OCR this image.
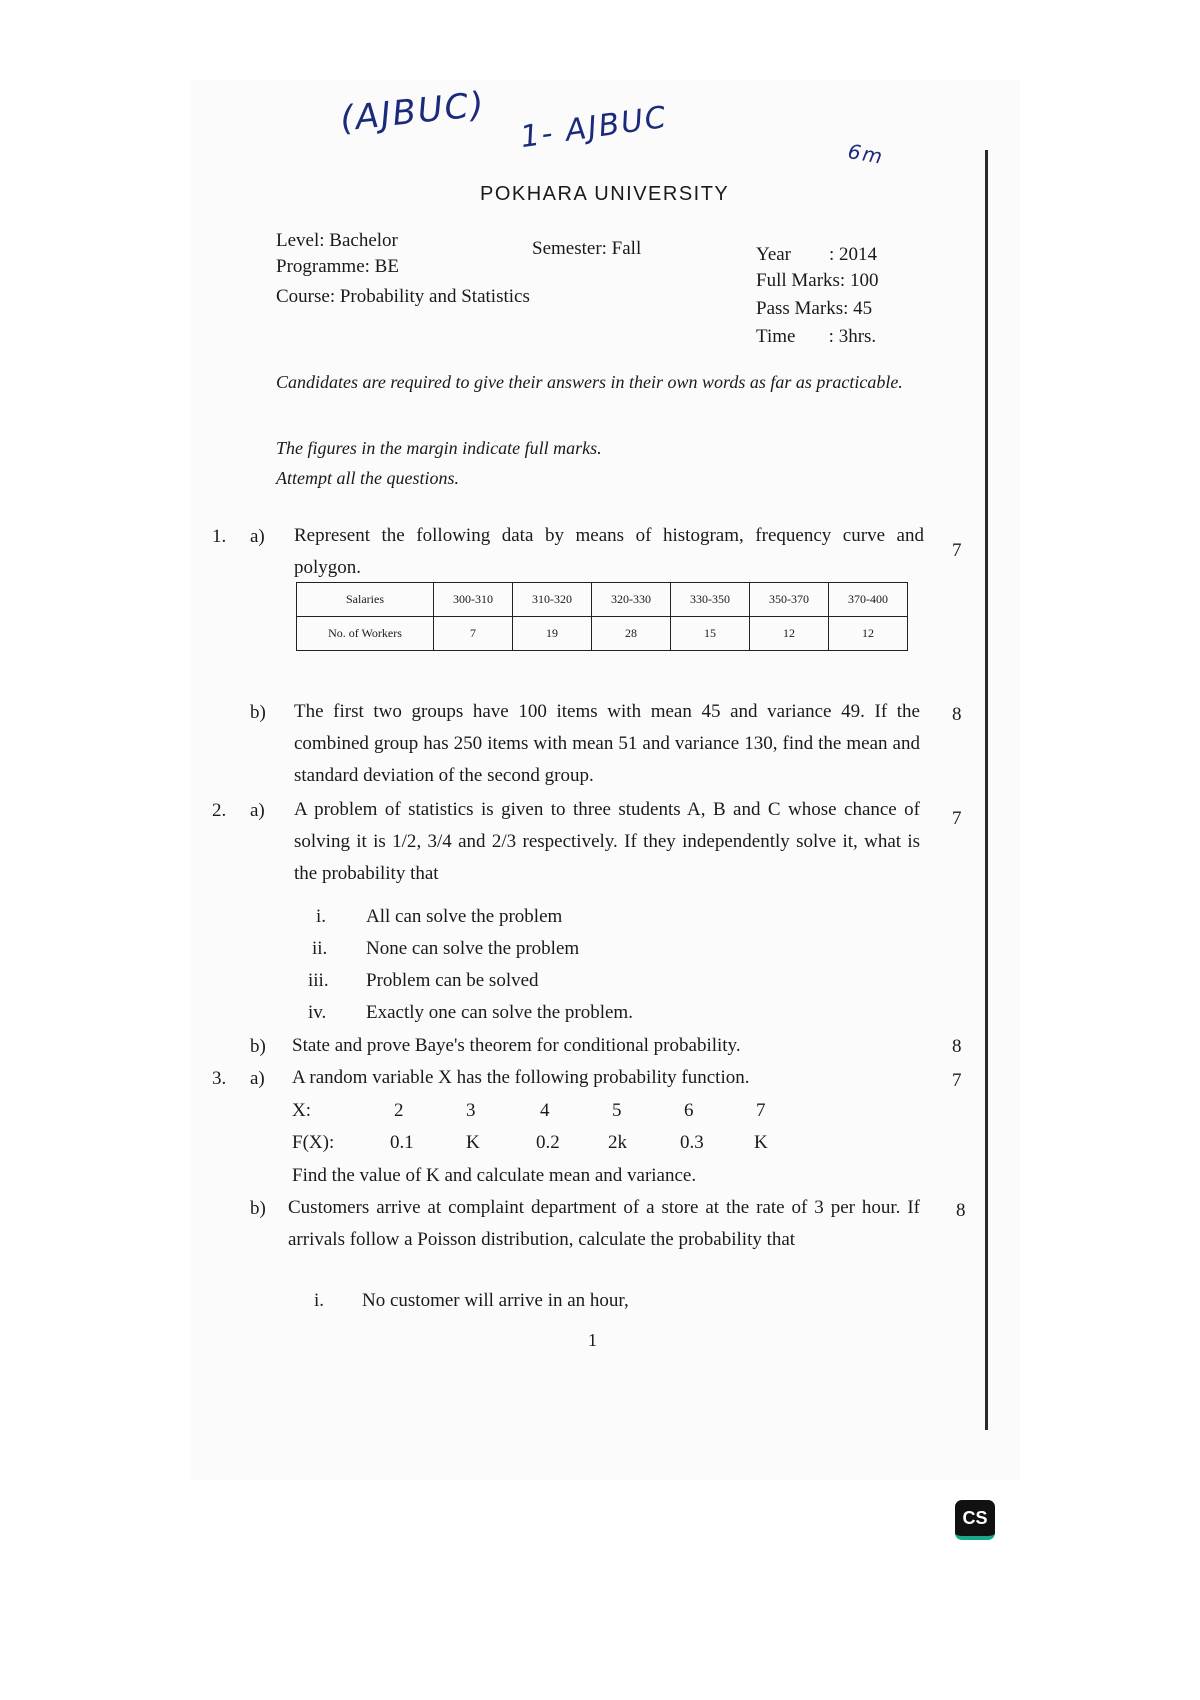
(AJBUC) 1- AJBUC	6m
POKHARA UNIVERSITY
Level: Bachelor
Programme: BE
Course: Probability and Statistics
Semester: Fall	Year        : 2014
Full Marks: 100
Pass Marks: 45
Time       : 3hrs.
Candidates are required to give their answers in their own words as far as practicable.
The figures in the margin indicate full marks.
Attempt all the questions.
1. a) Represent the following data by means of histogram, frequency curve and polygon.
7
Salaries	300-310	310-320	320-330	330-350	350-370	370-400
No. of Workers	7	19	28	15	12	12
b) The first two groups have 100 items with mean 45 and variance 49. If the combined group has 250 items with mean 51 and variance 130, find the mean and standard deviation of the second group.
8
2. a) A problem of statistics is given to three students A, B and C whose chance of solving it is 1/2, 3/4 and 2/3 respectively. If they independently solve it, what is the probability that
7
i. All can solve the problem
ii. None can solve the problem
iii. Problem can be solved
iv. Exactly one can solve the problem.
b) State and prove Baye's theorem for conditional probability.	8
3. a) A random variable X has the following probability function.	7
X:	2	3	4	5	6	7
F(X):	0.1	K	0.2	2k	0.3	K
Find the value of K and calculate mean and variance.
b) Customers arrive at complaint department of a store at the rate of 3 per hour. If arrivals follow a Poisson distribution, calculate the probability that
8
i. No customer will arrive in an hour,
1
CS
